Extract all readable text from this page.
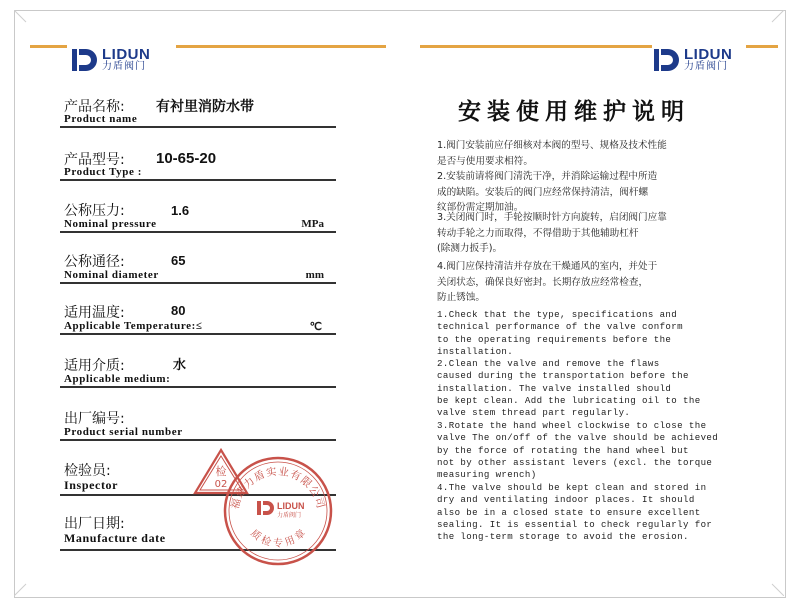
LIDUN
力盾阀门
LIDUN
力盾阀门
产品名称: 有衬里消防水带
Product name
产品型号: 10-65-20
Product Type :
公称压力:	1.6
Nominal pressure	MPa
公称通径:	65
Nominal diameter	mm
适用温度:	80
Applicable Temperature:≤	℃
适用介质:	水
Applicable medium:
出厂编号:
Product serial number
检验员:
Inspector
出厂日期:
Manufacture date
检
02
福建力盾实业有限公司
LIDUN
力盾阀门
质 检 专 用 章
安装使用维护说明
1.阀门安装前应仔细核对本阀的型号、规格及技术性能
是否与使用要求相符。
2.安装前请将阀门清洗干净，并消除运输过程中所造
成的缺陷。安装后的阀门应经常保持清洁，阀杆螺
纹部份需定期加油。
3.关闭阀门时，手轮按顺时针方向旋转，启闭阀门应靠
转动手轮之力而取得，不得借助于其他辅助杠杆
(除测力扳手)。
4.阀门应保持清洁并存放在干燥通风的室内，并处于
关闭状态，确保良好密封。长期存放应经常检查，
防止锈蚀。
1.Check that the type, specifications and
technical performance of the valve conform
to the operating requirements before the
installation.
2.Clean the valve and remove the flaws
caused during the transportation before the
installation. The valve installed should
be kept clean. Add the lubricating oil to the
valve stem thread part regularly.
3.Rotate the hand wheel clockwise to close the
valve The on/off of the valve should be achieved
by the force of rotating the hand wheel but
not by other assistant levers (excl. the torque
measuring wrench)
4.The valve should be kept clean and stored in
dry and ventilating indoor places. It should
also be in a closed state to ensure excellent
sealing. It is essential to check regularly for
the long-term storage to avoid the erosion.
